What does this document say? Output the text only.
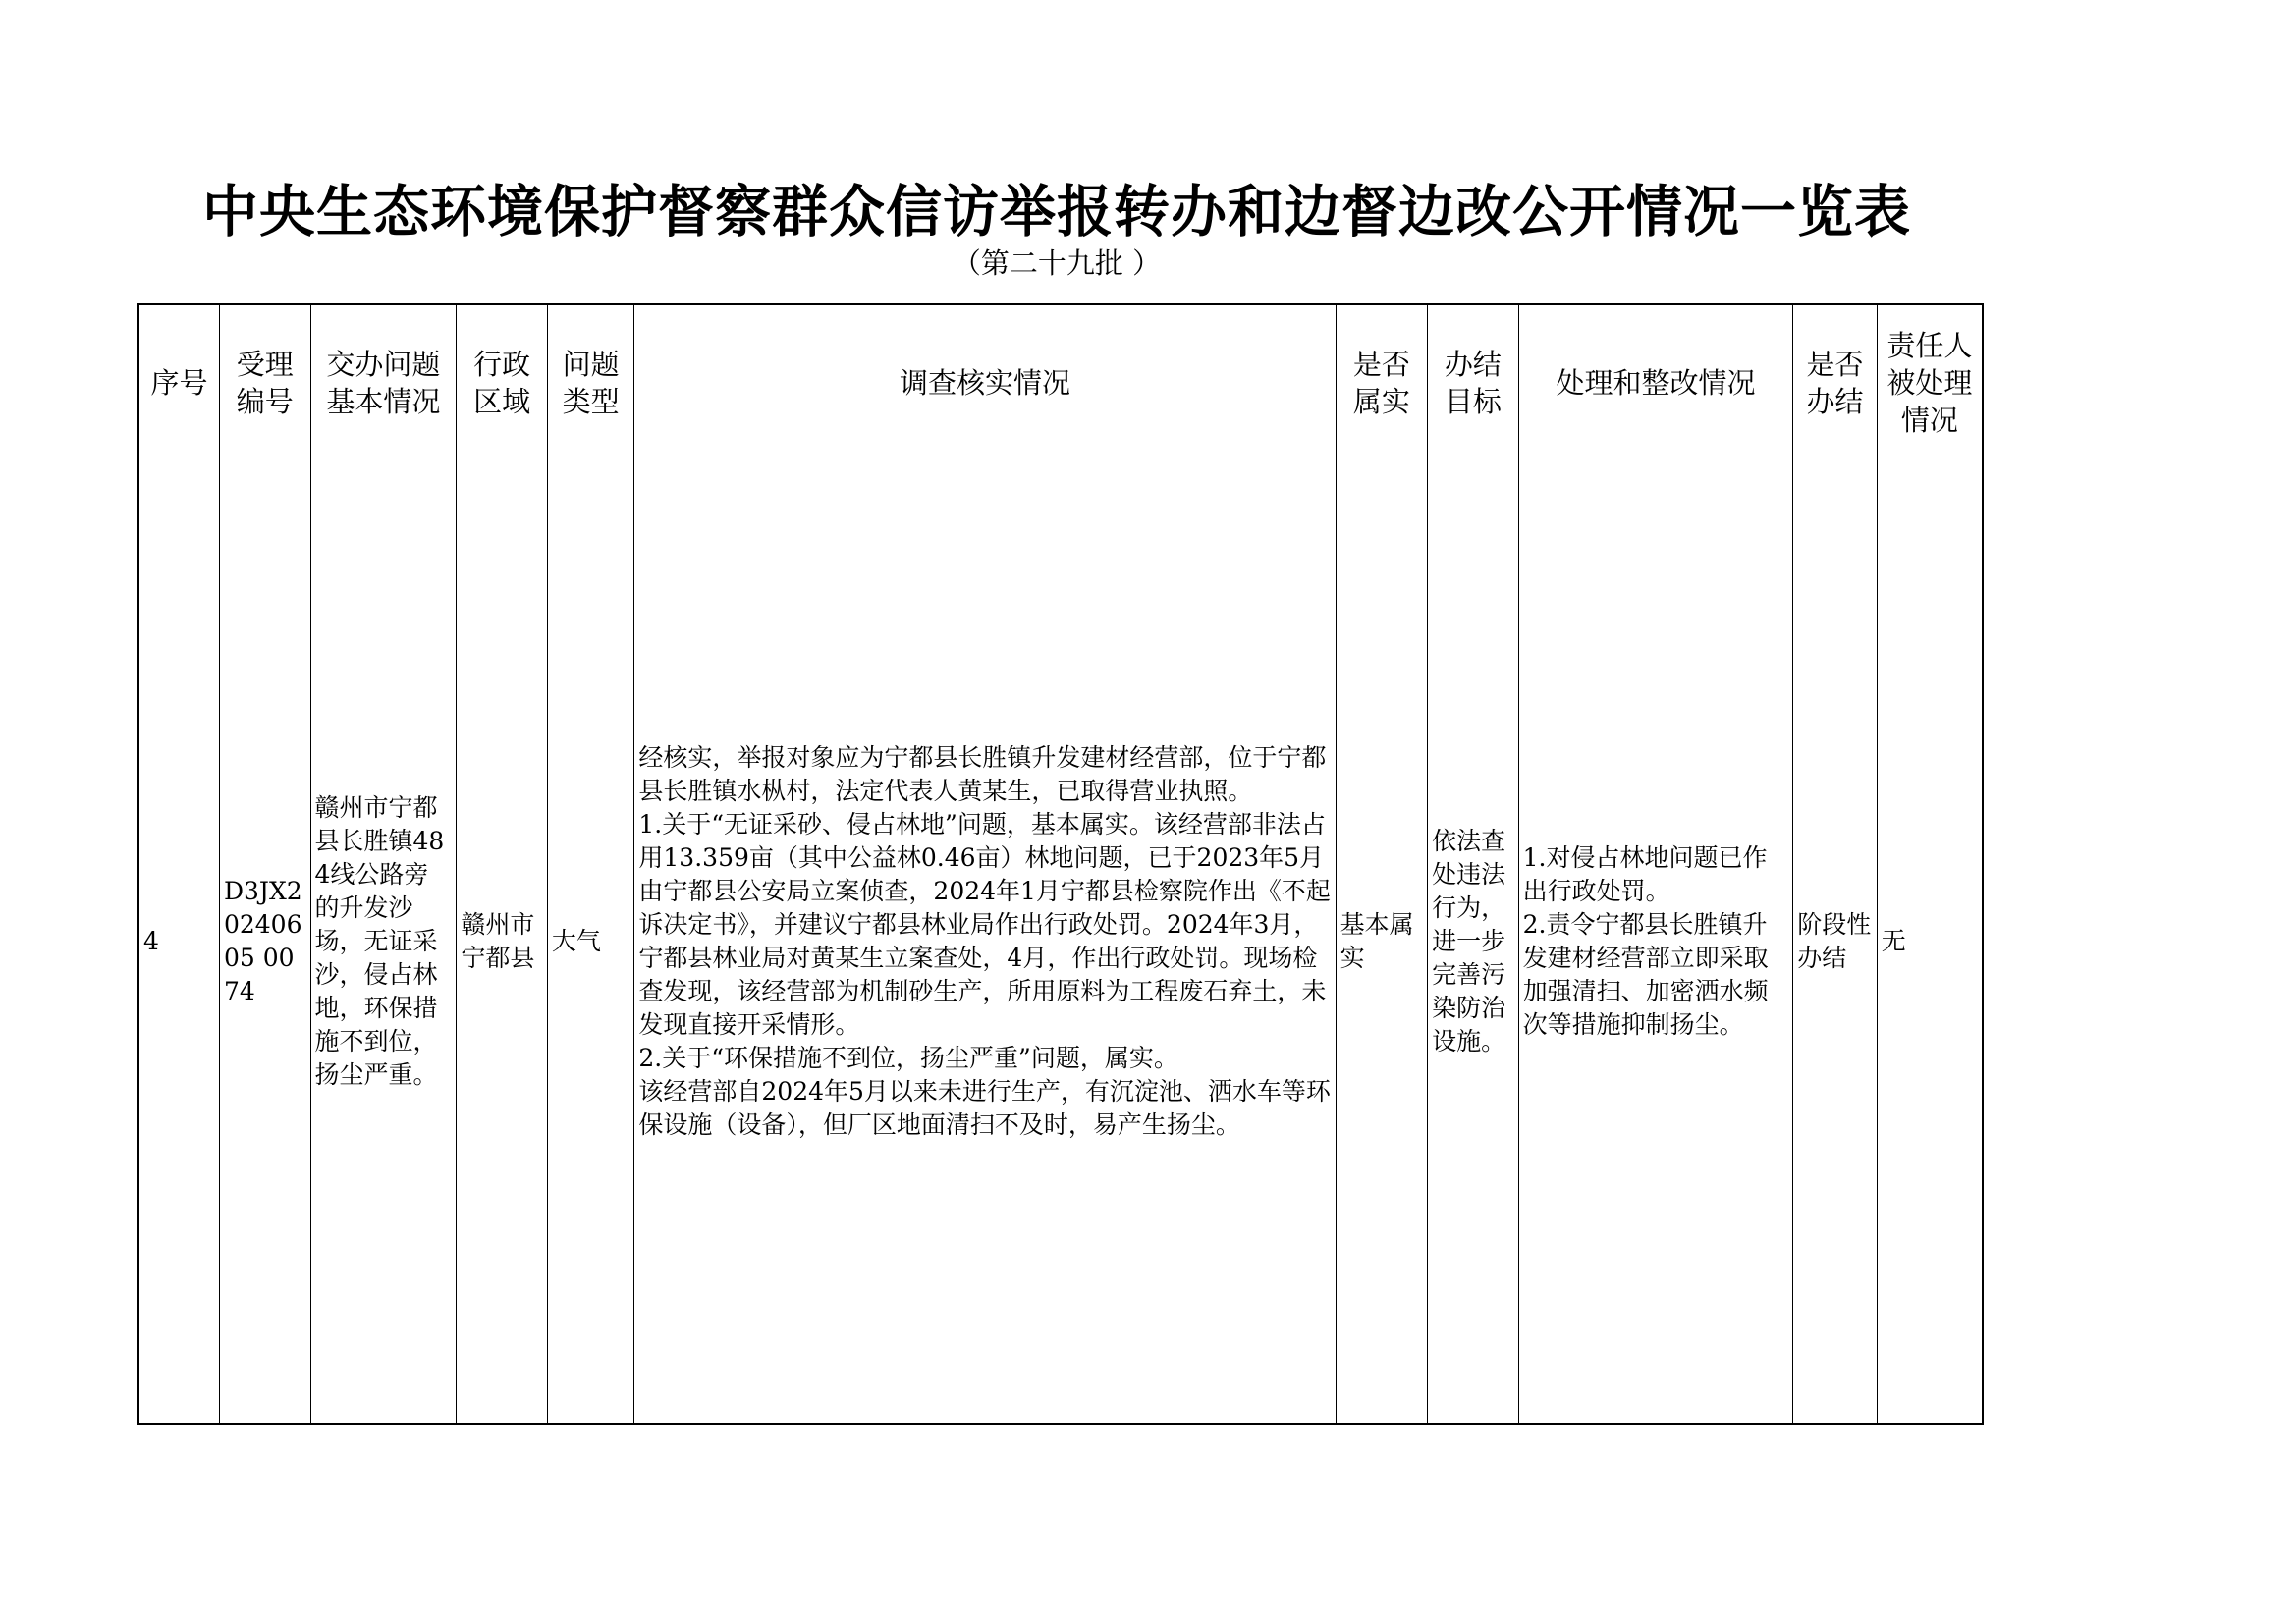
中央生态环境保护督察群众信访举报转办和边督边改公开情况一览表
（第二十九批 ）
序号	受理编号	交办问题基本情况	行政区域	问题类型	调查核实情况	是否属实	办结目标	处理和整改情况	是否办结	责任人被处理情况

4	D3JX20240605 0074	赣州市宁都县长胜镇484线公路旁的升发沙场，无证采沙，侵占林地，环保措施不到位，扬尘严重。	赣州市宁都县	大气	经核实，举报对象应为宁都县长胜镇升发建材经营部，位于宁都县长胜镇水枞村，法定代表人黄某生，已取得营业执照。
1.关于“无证采砂、侵占林地”问题，基本属实。该经营部非法占用13.359亩（其中公益林0.46亩）林地问题，已于2023年5月由宁都县公安局立案侦查，2024年1月宁都县检察院作出《不起诉决定书》，并建议宁都县林业局作出行政处罚。2024年3月，宁都县林业局对黄某生立案查处，4月，作出行政处罚。现场检查发现，该经营部为机制砂生产，所用原料为工程废石弃土，未发现直接开采情形。
2.关于“环保措施不到位，扬尘严重”问题，属实。
该经营部自2024年5月以来未进行生产，有沉淀池、洒水车等环保设施（设备），但厂区地面清扫不及时，易产生扬尘。	基本属实	依法查处违法行为，进一步完善污染防治设施。	1.对侵占林地问题已作出行政处罚。
2.责令宁都县长胜镇升发建材经营部立即采取加强清扫、加密洒水频次等措施抑制扬尘。	阶段性办结	无
